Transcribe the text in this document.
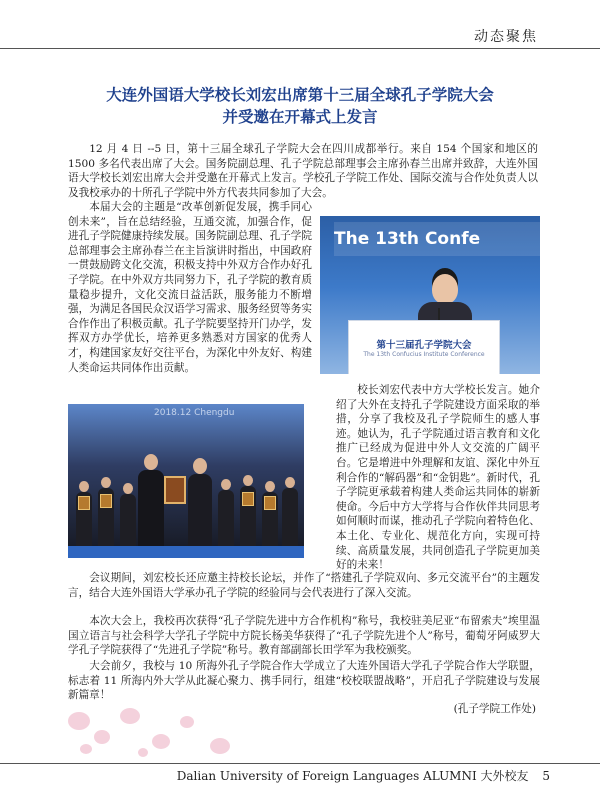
动态聚焦
大连外国语大学校长刘宏出席第十三届全球孔子学院大会
并受邀在开幕式上发言

12 月 4 日 --5 日，第十三届全球孔子学院大会在四川成都举行。来自 154 个国家和地区的 1500 多名代表出席了大会。国务院副总理、孔子学院总部理事会主席孙春兰出席并致辞，大连外国语大学校长刘宏出席大会并受邀在开幕式上发言。学校孔子学院工作处、国际交流与合作处负责人以及我校承办的十所孔子学院中外方代表共同参加了大会。

本届大会的主题是“改革创新促发展，携手同心创未来”，旨在总结经验，互通交流，加强合作，促进孔子学院健康持续发展。国务院副总理、孔子学院总部理事会主席孙春兰在主旨演讲时指出，中国政府一贯鼓励跨文化交流，积极支持中外双方合作办好孔子学院。在中外双方共同努力下，孔子学院的教育质量稳步提升，文化交流日益活跃，服务能力不断增强，为满足各国民众汉语学习需求、服务经贸等务实合作作出了积极贡献。孔子学院要坚持开门办学，发挥双方办学优长，培养更多熟悉对方国家的优秀人才，构建国家友好交往平台，为深化中外友好、构建人类命运共同体作出贡献。

The 13th Confe
第十三届孔子学院大会
The 13th Confucius Institute Conference
2018.12 Chengdu

校长刘宏代表中方大学校长发言。她介绍了大外在支持孔子学院建设方面采取的举措，分享了我校及孔子学院师生的感人事迹。她认为，孔子学院通过语言教育和文化推广已经成为促进中外人文交流的广阔平台。它是增进中外理解和友谊、深化中外互利合作的“解码器”和“金钥匙”。新时代，孔子学院更承载着构建人类命运共同体的崭新使命。今后中方大学将与合作伙伴共同思考如何顺时而谋，推动孔子学院向着特色化、本土化、专业化、规范化方向，实现可持续、高质量发展，共同创造孔子学院更加美好的未来！

会议期间，刘宏校长还应邀主持校长论坛，并作了“搭建孔子学院双向、多元交流平台”的主题发言，结合大连外国语大学承办孔子学院的经验同与会代表进行了深入交流。

本次大会上，我校再次获得“孔子学院先进中方合作机构”称号，我校驻美尼亚“布留索夫”埃里温国立语言与社会科学大学孔子学院中方院长杨美华获得了“孔子学院先进个人”称号，葡萄牙阿威罗大学孔子学院获得了“先进孔子学院”称号。教育部副部长田学军为我校颁奖。

大会前夕，我校与 10 所海外孔子学院合作大学成立了大连外国语大学孔子学院合作大学联盟，标志着 11 所海内外大学从此凝心聚力、携手同行，组建“校校联盟战略”，开启孔子学院建设与发展新篇章！

(孔子学院工作处)
Dalian University of Foreign Languages ALUMNI 大外校友 5
